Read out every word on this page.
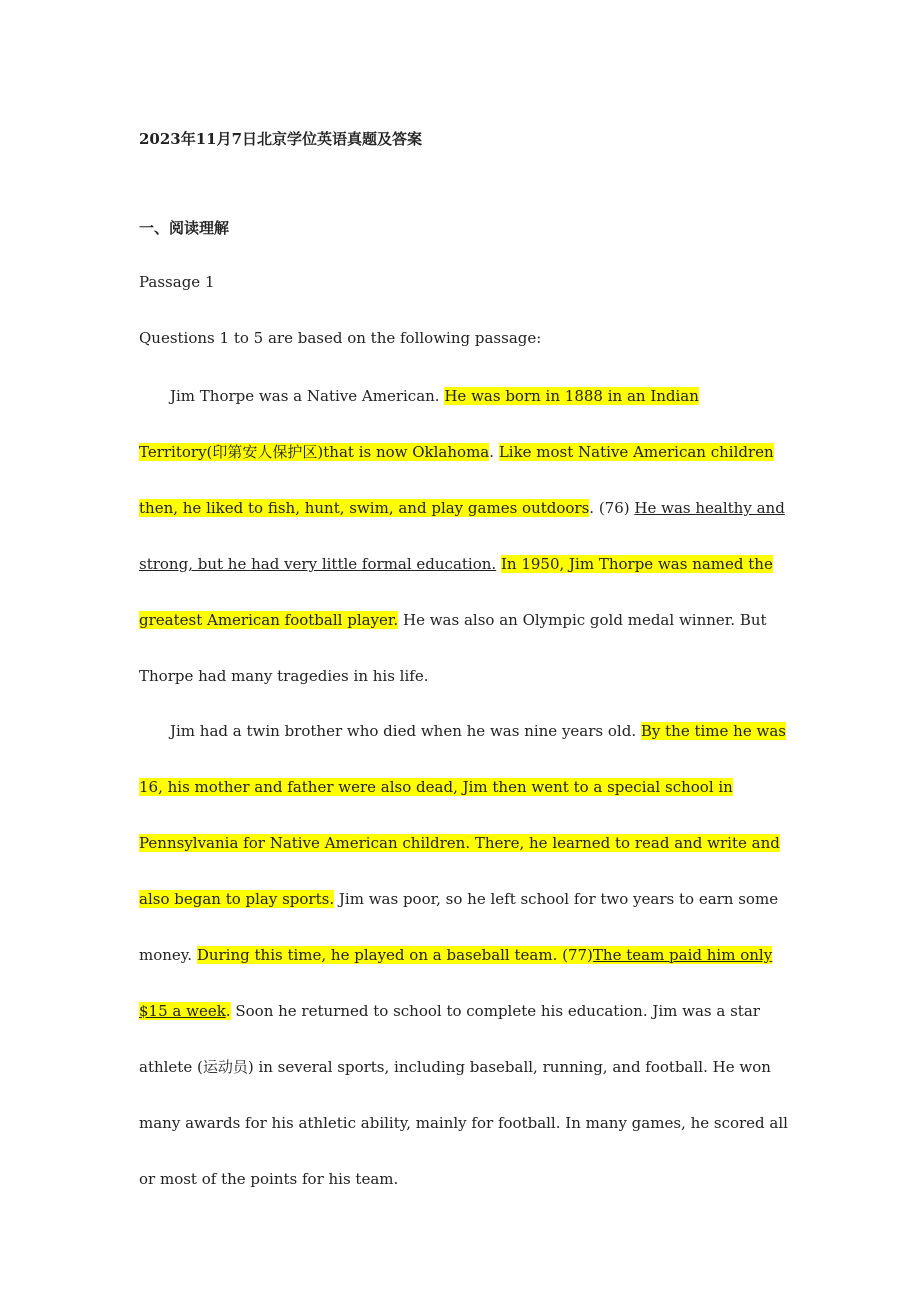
2023年11月7日北京学位英语真题及答案
一、阅读理解

Passage 1

Questions 1 to 5 are based on the following passage:

Jim Thorpe was a Native American. He was born in 1888 in an Indian Territory(印第安人保护区)that is now Oklahoma. Like most Native American children then, he liked to fish, hunt, swim, and play games outdoors. (76) He was healthy and strong, but he had very little formal education. In 1950, Jim Thorpe was named the greatest American football player. He was also an Olympic gold medal winner. But Thorpe had many tragedies in his life.

Jim had a twin brother who died when he was nine years old. By the time he was 16, his mother and father were also dead, Jim then went to a special school in Pennsylvania for Native American children. There, he learned to read and write and also began to play sports. Jim was poor, so he left school for two years to earn some money. During this time, he played on a baseball team. (77)The team paid him only $15 a week. Soon he returned to school to complete his education. Jim was a star athlete (运动员) in several sports, including baseball, running, and football. He won many awards for his athletic ability, mainly for football. In many games, he scored all or most of the points for his team.
